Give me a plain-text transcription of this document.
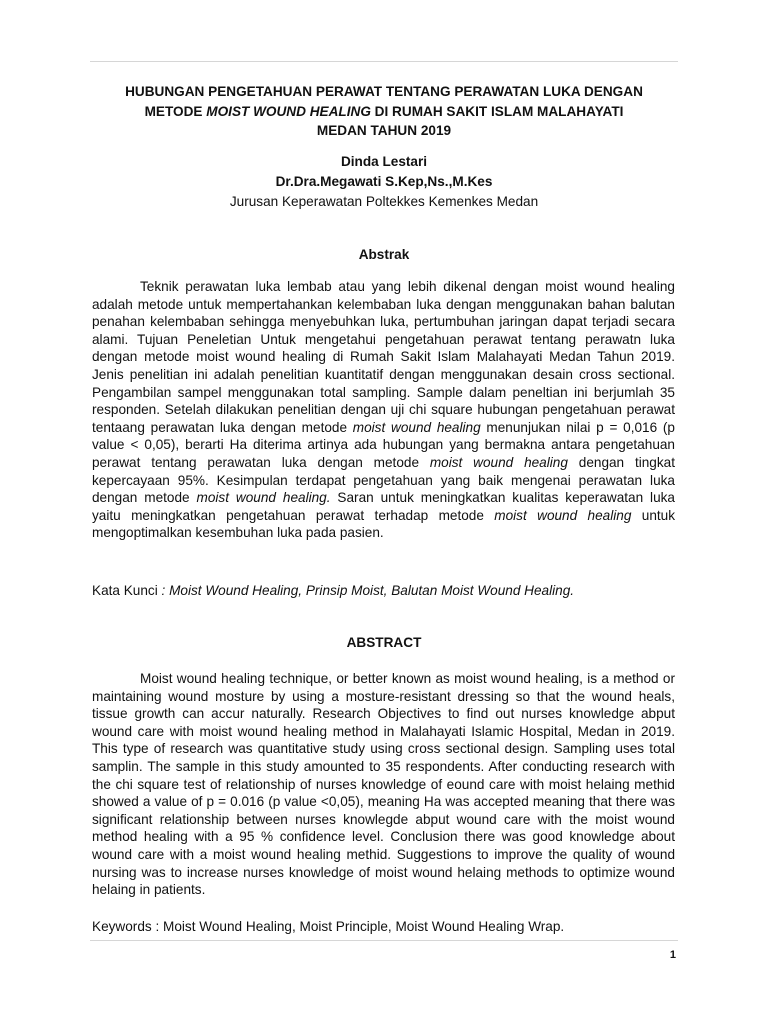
HUBUNGAN PENGETAHUAN PERAWAT TENTANG PERAWATAN LUKA DENGAN
METODE MOIST WOUND HEALING DI RUMAH SAKIT ISLAM MALAHAYATI
MEDAN TAHUN 2019
Dinda Lestari
Dr.Dra.Megawati S.Kep,Ns.,M.Kes
Jurusan Keperawatan Poltekkes Kemenkes Medan
Abstrak

Teknik perawatan luka lembab atau yang lebih dikenal dengan moist wound healing adalah metode untuk mempertahankan kelembaban luka dengan menggunakan bahan balutan penahan kelembaban sehingga menyebuhkan luka, pertumbuhan jaringan dapat terjadi secara alami. Tujuan Peneletian Untuk mengetahui pengetahuan perawat tentang perawatn luka dengan metode moist wound healing di Rumah Sakit Islam Malahayati Medan Tahun 2019. Jenis penelitian ini adalah penelitian kuantitatif dengan menggunakan desain cross sectional. Pengambilan sampel menggunakan total sampling. Sample dalam peneltian ini berjumlah 35 responden. Setelah dilakukan penelitian dengan uji chi square hubungan pengetahuan perawat tentaang perawatan luka dengan metode moist wound healing menunjukan nilai p = 0,016 (p value < 0,05), berarti Ha diterima artinya ada hubungan yang bermakna antara pengetahuan perawat tentang perawatan luka dengan metode moist wound healing dengan tingkat kepercayaan 95%. Kesimpulan terdapat pengetahuan yang baik mengenai perawatan luka dengan metode moist wound healing. Saran untuk meningkatkan kualitas keperawatan luka yaitu meningkatkan pengetahuan perawat terhadap metode moist wound healing untuk mengoptimalkan kesembuhan luka pada pasien.

Kata Kunci : Moist Wound Healing, Prinsip Moist, Balutan Moist Wound Healing.

ABSTRACT

Moist wound healing technique, or better known as moist wound healing, is a method or maintaining wound mosture by using a mosture-resistant dressing so that the wound heals, tissue growth can accur naturally. Research Objectives to find out nurses knowledge abput wound care with moist wound healing method in Malahayati Islamic Hospital, Medan in 2019. This type of research was quantitative study using cross sectional design. Sampling uses total samplin. The sample in this study amounted to 35 respondents. After conducting research with the chi square test of relationship of nurses knowledge of eound care with moist helaing methid showed a value of p = 0.016 (p value <0,05), meaning Ha was accepted meaning that there was significant relationship between nurses knowlegde abput wound care with the moist wound method healing with a 95 % confidence level. Conclusion there was good knowledge about wound care with a moist wound healing methid. Suggestions to improve the quality of wound nursing was to increase nurses knowledge of moist wound helaing methods to optimize wound helaing in patients.

Keywords : Moist Wound Healing, Moist Principle, Moist Wound Healing Wrap.

1
